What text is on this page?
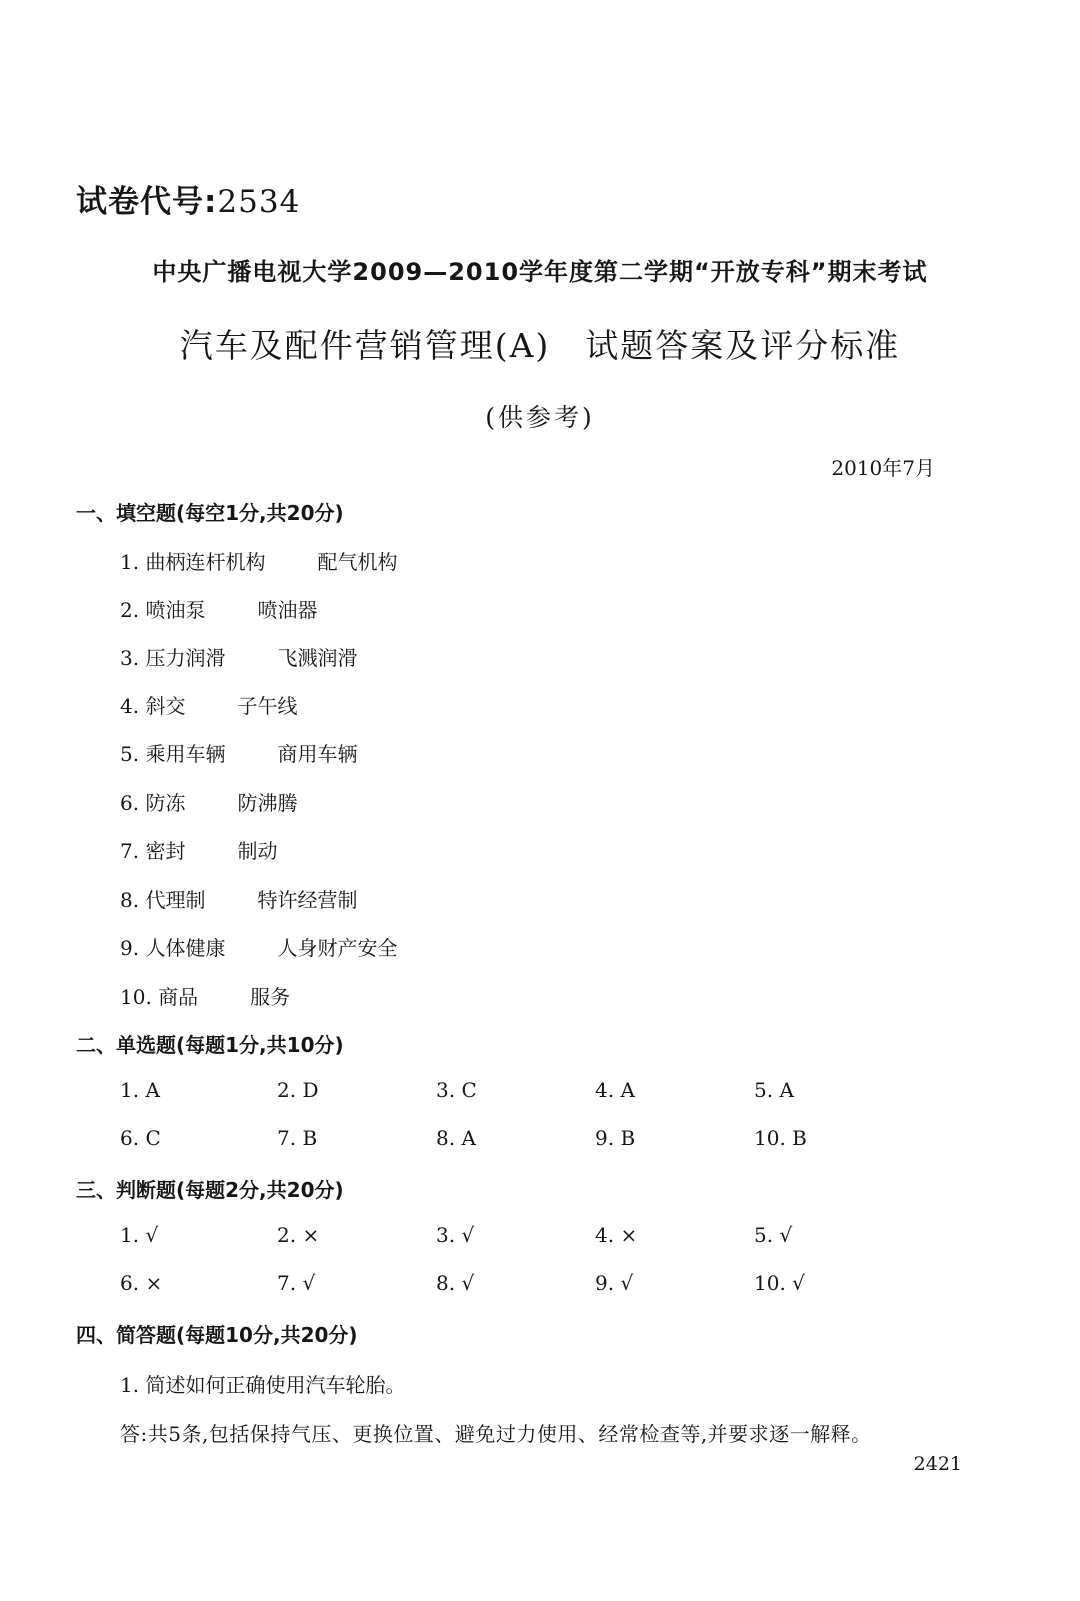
试卷代号:2534
中央广播电视大学2009—2010学年度第二学期“开放专科”期末考试
汽车及配件营销管理(A)　试题答案及评分标准
(供参考)
2010年7月
一、填空题(每空1分,共20分)
1. 曲柄连杆机构	配气机构
2. 喷油泵	喷油器
3. 压力润滑	飞溅润滑
4. 斜交	子午线
5. 乘用车辆	商用车辆
6. 防冻	防沸腾
7. 密封	制动
8. 代理制	特许经营制
9. 人体健康	人身财产安全
10. 商品	服务
二、单选题(每题1分,共10分)
1. A	2. D	3. C	4. A	5. A
6. C	7. B	8. A	9. B	10. B
三、判断题(每题2分,共20分)
1. √	2. ×	3. √	4. ×	5. √
6. ×	7. √	8. √	9. √	10. √
四、简答题(每题10分,共20分)
1. 简述如何正确使用汽车轮胎。
答:共5条,包括保持气压、更换位置、避免过力使用、经常检查等,并要求逐一解释。
2421
